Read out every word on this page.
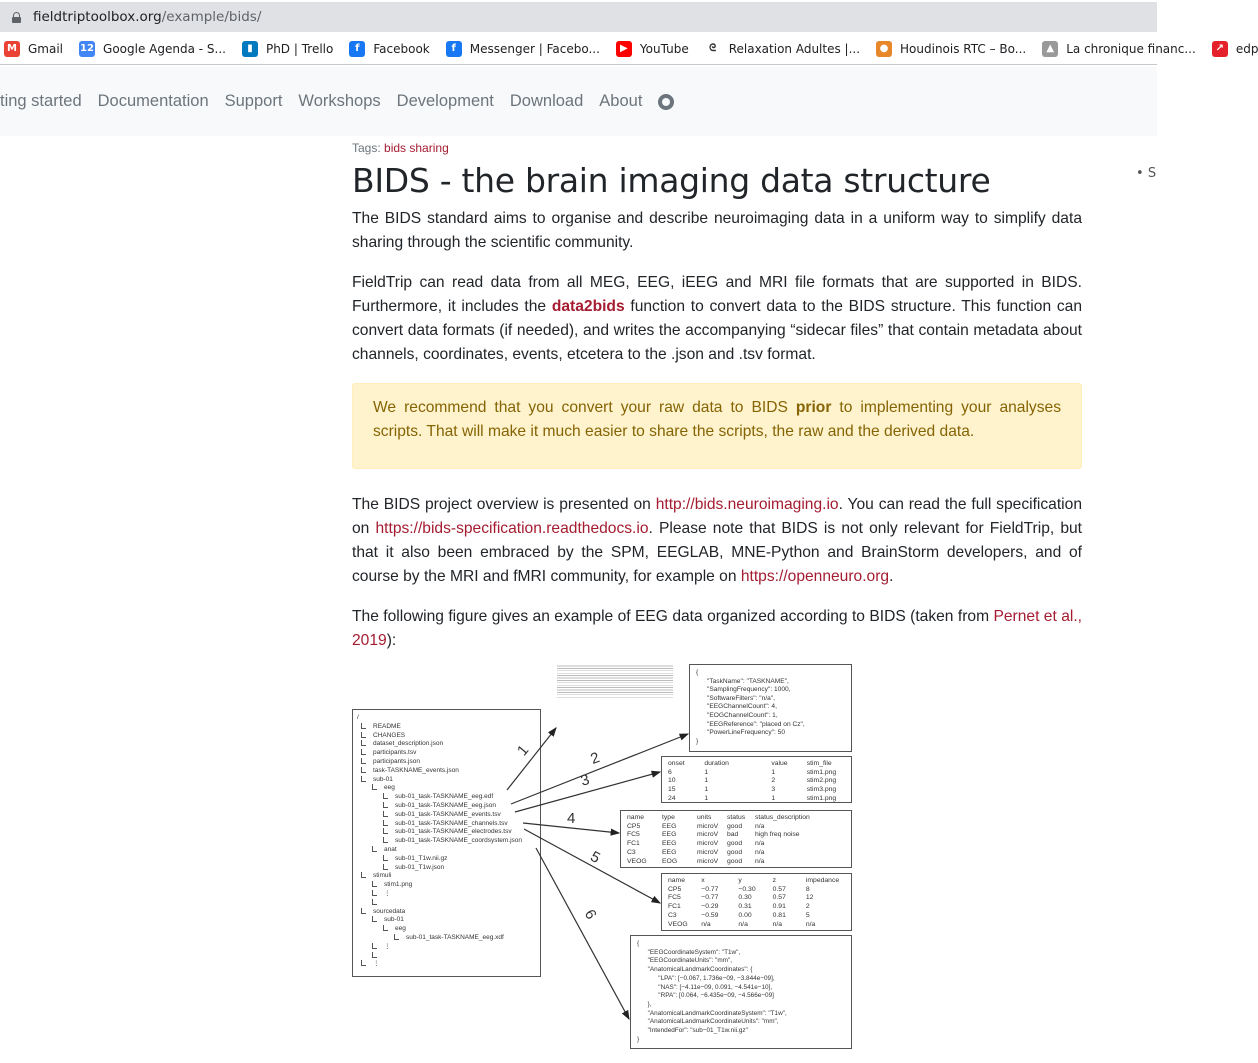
fieldtriptoolbox.org /example/bids/
M Gmail 12 Google Agenda - S...	▮	PhD | Trello	f	Facebook	f	Messenger | Facebo...	▶	YouTube	ᘓ	Relaxation Adultes |...	● Houdinois RTC – Bo...	▲	La chronique financ...	↗ edp
ting started Documentation Support Workshops Development Download About
• S
Tags: bids sharing
BIDS - the brain imaging data structure

The BIDS standard aims to organise and describe neuroimaging data in a uniform way to simplify data sharing through the scientific community.

FieldTrip can read data from all MEG, EEG, iEEG and MRI file formats that are supported in BIDS. Furthermore, it includes the data2bids function to convert data to the BIDS structure. This function can convert data formats (if needed), and writes the accompanying “sidecar files” that contain metadata about channels, coordinates, events, etcetera to the .json and .tsv format.

We recommend that you convert your raw data to BIDS prior to implementing your analyses scripts. That will make it much easier to share the scripts, the raw and the derived data.

The BIDS project overview is presented on http://bids.neuroimaging.io. You can read the full specification on https://bids-specification.readthedocs.io. Please note that BIDS is not only relevant for FieldTrip, but that it also been embraced by the SPM, EEGLAB, MNE-Python and BrainStorm developers, and of course by the MRI and fMRI community, for example on https://openneuro.org.

The following figure gives an example of EEG data organized according to BIDS (taken from Pernet et al., 2019):

/
README
CHANGES
dataset_description.json
participants.tsv
participants.json
task-TASKNAME_events.json
sub-01
eeg
sub-01_task-TASKNAME_eeg.edf
sub-01_task-TASKNAME_eeg.json
sub-01_task-TASKNAME_events.tsv
sub-01_task-TASKNAME_channels.tsv
sub-01_task-TASKNAME_electrodes.tsv
sub-01_task-TASKNAME_coordsystem.json
anat
sub-01_T1w.nii.gz
sub-01_T1w.json
stimuli
stim1.png
⋮
sourcedata
sub-01
eeg
sub-01_task-TASKNAME_eeg.xdf
⋮
⋮
{
"TaskName": "TASKNAME",
"SamplingFrequency": 1000,
"SoftwareFilters": "n/a",
"EEGChannelCount": 4,
"EOGChannelCount": 1,
"EEGReference": "placed on Cz",
"PowerLineFrequency": 50
}
onset	duration	value	stim_file
6	1	1	stim1.png
10	1	2	stim2.png
15	1	3	stim3.png
24	1	1	stim1.png
name	type	units	status	status_description
CP5	EEG	microV	good	n/a
FC5	EEG	microV	bad	high freq noise
FC1	EEG	microV	good	n/a
C3	EEG	microV	good	n/a
VEOG	EOG	microV	good	n/a
name	x	y	z	impedance
CP5	−0.77	−0.30	0.57	8
FC5	−0.77	0.30	0.57	12
FC1	−0.29	0.31	0.91	2
C3	−0.59	0.00	0.81	5
VEOG	n/a	n/a	n/a	n/a
{
"EEGCoordinateSystem": "T1w",
"EEGCoordinateUnits": "mm",
"AnatomicalLandmarkCoordinates": {
"LPA": [−0.067, 1.736e−09, −3.844e−09],
"NAS": [−4.11e−09, 0.091, −4.541e−10],
"RPA": [0.064, −6.435e−09, −4.566e−09]
},
"AnatomicalLandmarkCoordinateSystem": "T1w",
"AnatomicalLandmarkCoordinateUnits": "mm",
"IntendedFor": "sub−01_T1w.nii.gz"
}
1	2
3
4
5
6
